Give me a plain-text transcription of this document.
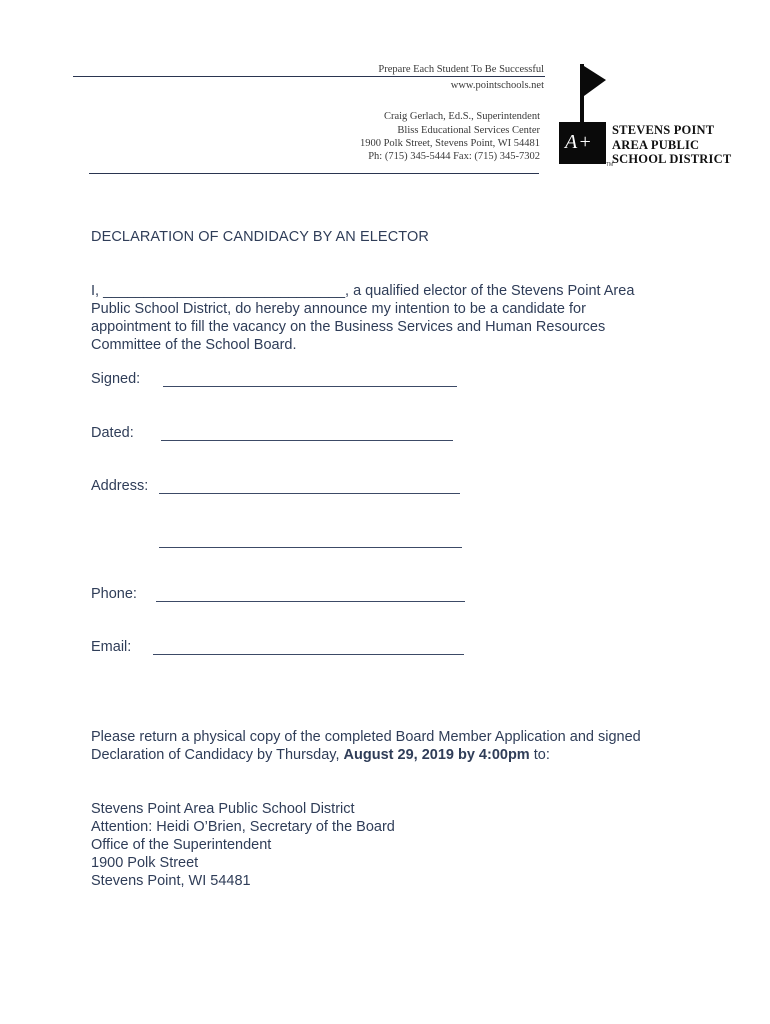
Prepare Each Student To Be Successful
www.pointschools.net
Craig Gerlach, Ed.S., Superintendent
Bliss Educational Services Center
1900 Polk Street, Stevens Point, WI 54481
Ph: (715) 345-5444 Fax: (715) 345-7302
A+
STEVENS POINT
AREA PUBLIC
SCHOOL DISTRICT
TM
DECLARATION OF CANDIDACY BY AN ELECTOR
I, ______________________________, a qualified elector of the Stevens Point Area
Public School District, do hereby announce my intention to be a candidate for
appointment to fill the vacancy on the Business Services and Human Resources
Committee of the School Board.
Signed:
Dated:
Address:
Phone:
Email:
Please return a physical copy of the completed Board Member Application and signed
Declaration of Candidacy by Thursday, August 29, 2019 by 4:00pm to:
Stevens Point Area Public School District
Attention: Heidi O’Brien, Secretary of the Board
Office of the Superintendent
1900 Polk Street
Stevens Point, WI 54481
